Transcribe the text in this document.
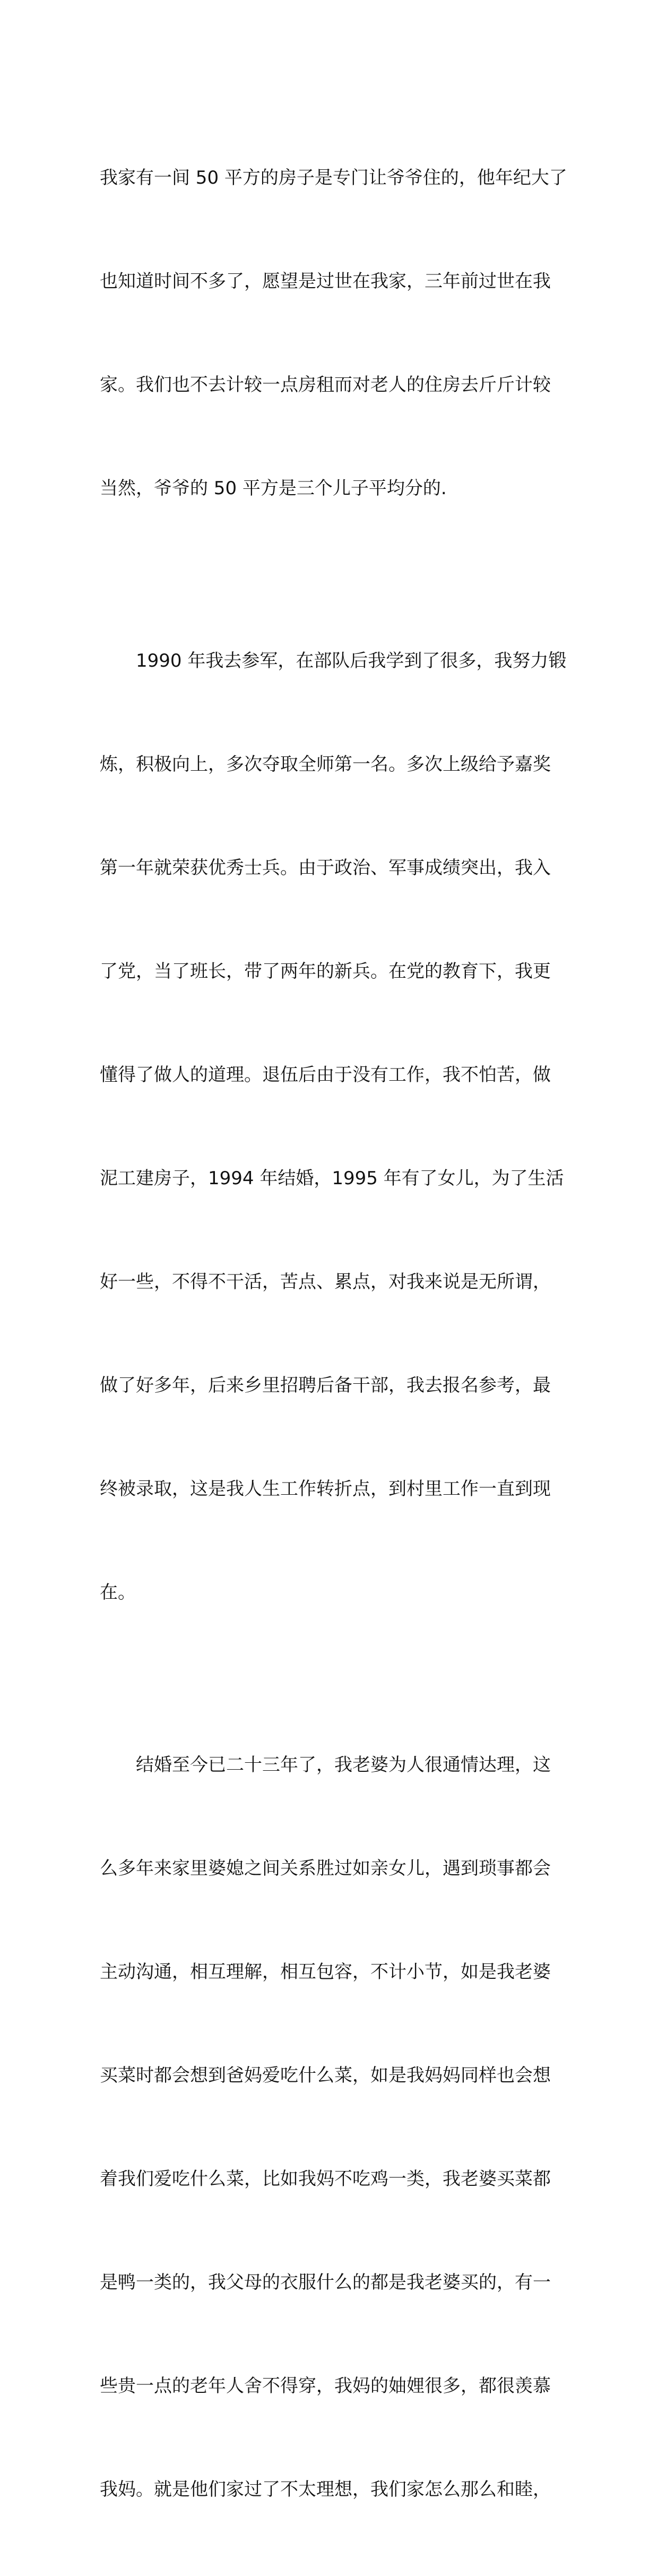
我家有一间 50 平方的房子是专门让爷爷住的，他年纪大了

也知道时间不多了，愿望是过世在我家，三年前过世在我

家。我们也不去计较一点房租而对老人的住房去斤斤计较

当然，爷爷的 50 平方是三个儿子平均分的.

1990 年我去参军，在部队后我学到了很多，我努力锻

炼，积极向上，多次夺取全师第一名。多次上级给予嘉奖

第一年就荣获优秀士兵。由于政治、军事成绩突出，我入

了党，当了班长，带了两年的新兵。在党的教育下，我更

懂得了做人的道理。退伍后由于没有工作，我不怕苦，做

泥工建房子，1994 年结婚，1995 年有了女儿，为了生活

好一些，不得不干活，苦点、累点，对我来说是无所谓，

做了好多年，后来乡里招聘后备干部，我去报名参考，最

终被录取，这是我人生工作转折点，到村里工作一直到现

在。

结婚至今已二十三年了，我老婆为人很通情达理，这

么多年来家里婆媳之间关系胜过如亲女儿，遇到琐事都会

主动沟通，相互理解，相互包容，不计小节，如是我老婆

买菜时都会想到爸妈爱吃什么菜，如是我妈妈同样也会想

着我们爱吃什么菜，比如我妈不吃鸡一类，我老婆买菜都

是鸭一类的，我父母的衣服什么的都是我老婆买的，有一

些贵一点的老年人舍不得穿，我妈的妯娌很多，都很羡慕

我妈。就是他们家过了不太理想，我们家怎么那么和睦，
